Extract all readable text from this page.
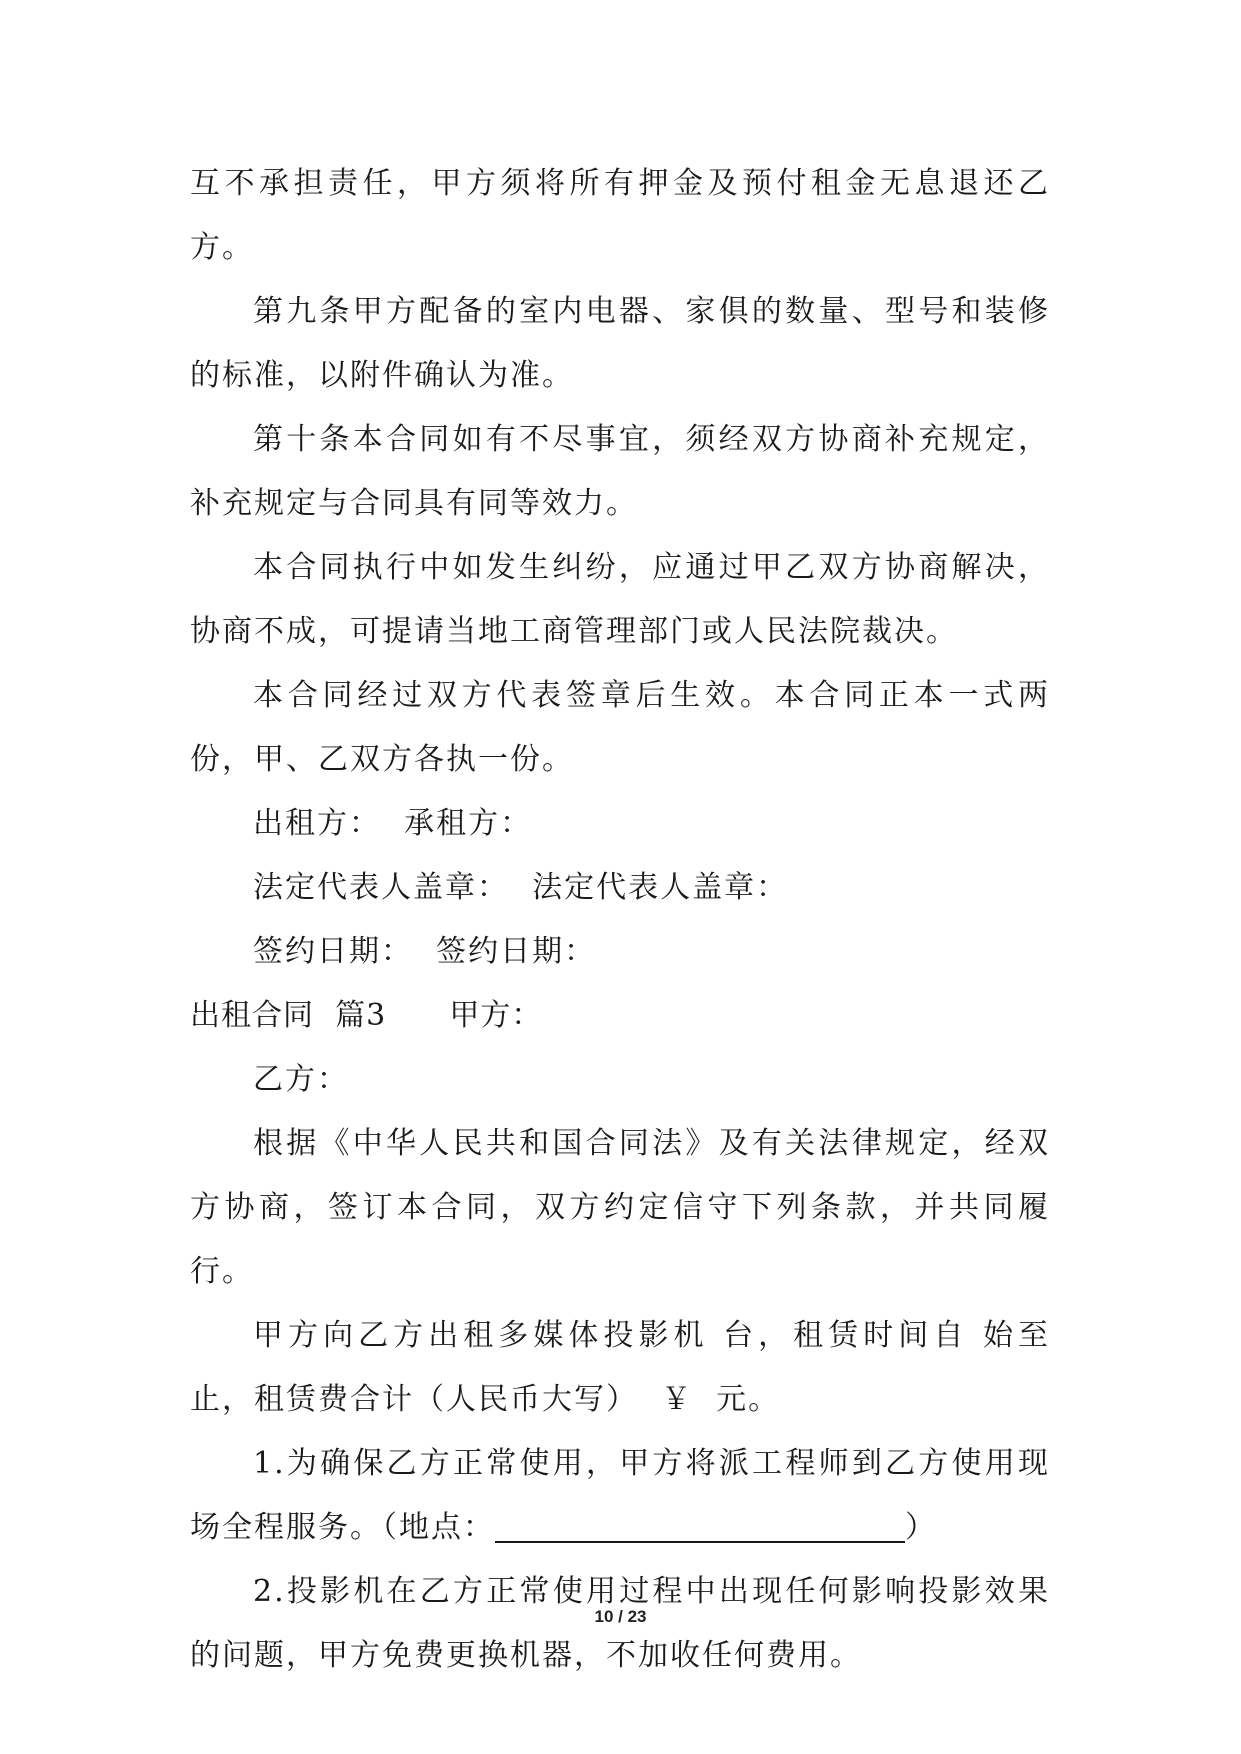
互不承担责任，甲方须将所有押金及预付租金无息退还乙方。

第九条甲方配备的室内电器、家俱的数量、型号和装修的标准，以附件确认为准。

第十条本合同如有不尽事宜，须经双方协商补充规定，补充规定与合同具有同等效力。

本合同执行中如发生纠纷，应通过甲乙双方协商解决，协商不成，可提请当地工商管理部门或人民法院裁决。

本合同经过双方代表签章后生效。本合同正本一式两份，甲、乙双方各执一份。

出租方：  承租方：

法定代表人盖章：  法定代表人盖章：

签约日期：  签约日期：

出租合同  篇3      甲方：

乙方：

根据《中华人民共和国合同法》及有关法律规定，经双方协商，签订本合同，双方约定信守下列条款，并共同履行。

甲方向乙方出租多媒体投影机 台，租赁时间自 始至 止，租赁费合计（人民币大写）  ￥  元。

1.为确保乙方正常使用，甲方将派工程师到乙方使用现场全程服务。（地点：	）

2.投影机在乙方正常使用过程中出现任何影响投影效果的问题，甲方免费更换机器，不加收任何费用。

10 / 23
